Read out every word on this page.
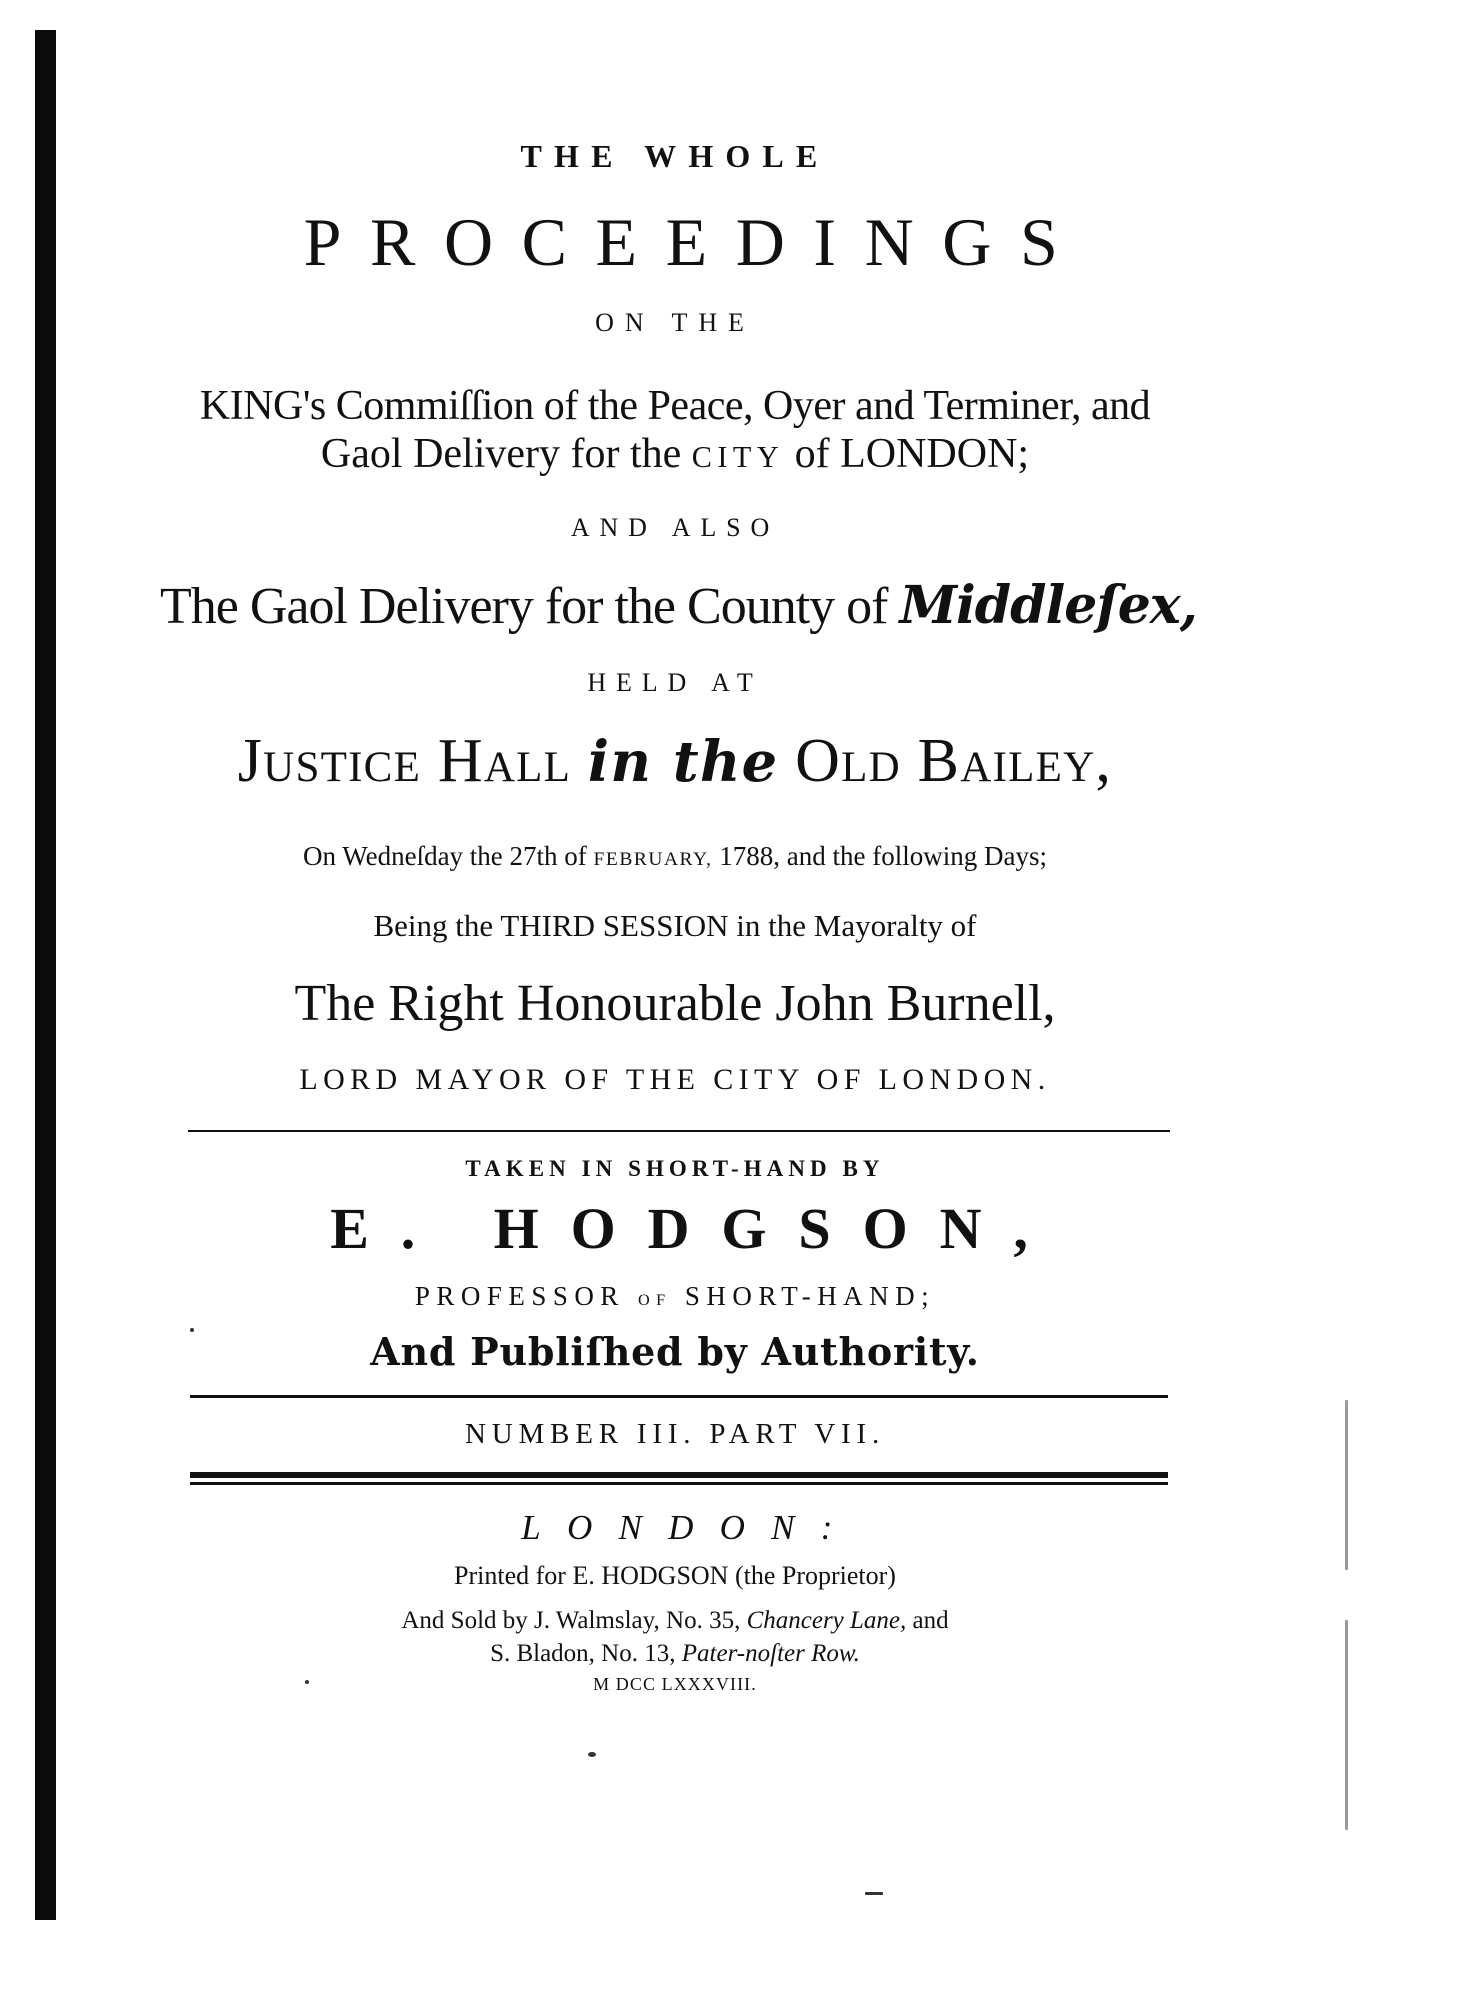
THE WHOLE
PROCEEDINGS
ON THE
KING's Commiſſion of the Peace, Oyer and Terminer, and
Gaol Delivery for the CITY of LONDON;
AND ALSO
The Gaol Delivery for the County of Middleſex,
HELD AT
Justice Hall in the Old Bailey,
On Wedneſday the 27th of FEBRUARY, 1788, and the following Days;
Being the THIRD SESSION in the Mayoralty of
The Right Honourable John Burnell,
LORD MAYOR OF THE CITY OF LONDON.
TAKEN IN SHORT-HAND BY
E. HODGSON,
PROFESSOR OF SHORT-HAND;
And Publiſhed by Authority.
NUMBER III. PART VII.
LONDON:
Printed for E. HODGSON (the Proprietor)
And Sold by J. Walmslay, No. 35, Chancery Lane, and
S. Bladon, No. 13, Pater-noſter Row.
M DCC LXXXVIII.
